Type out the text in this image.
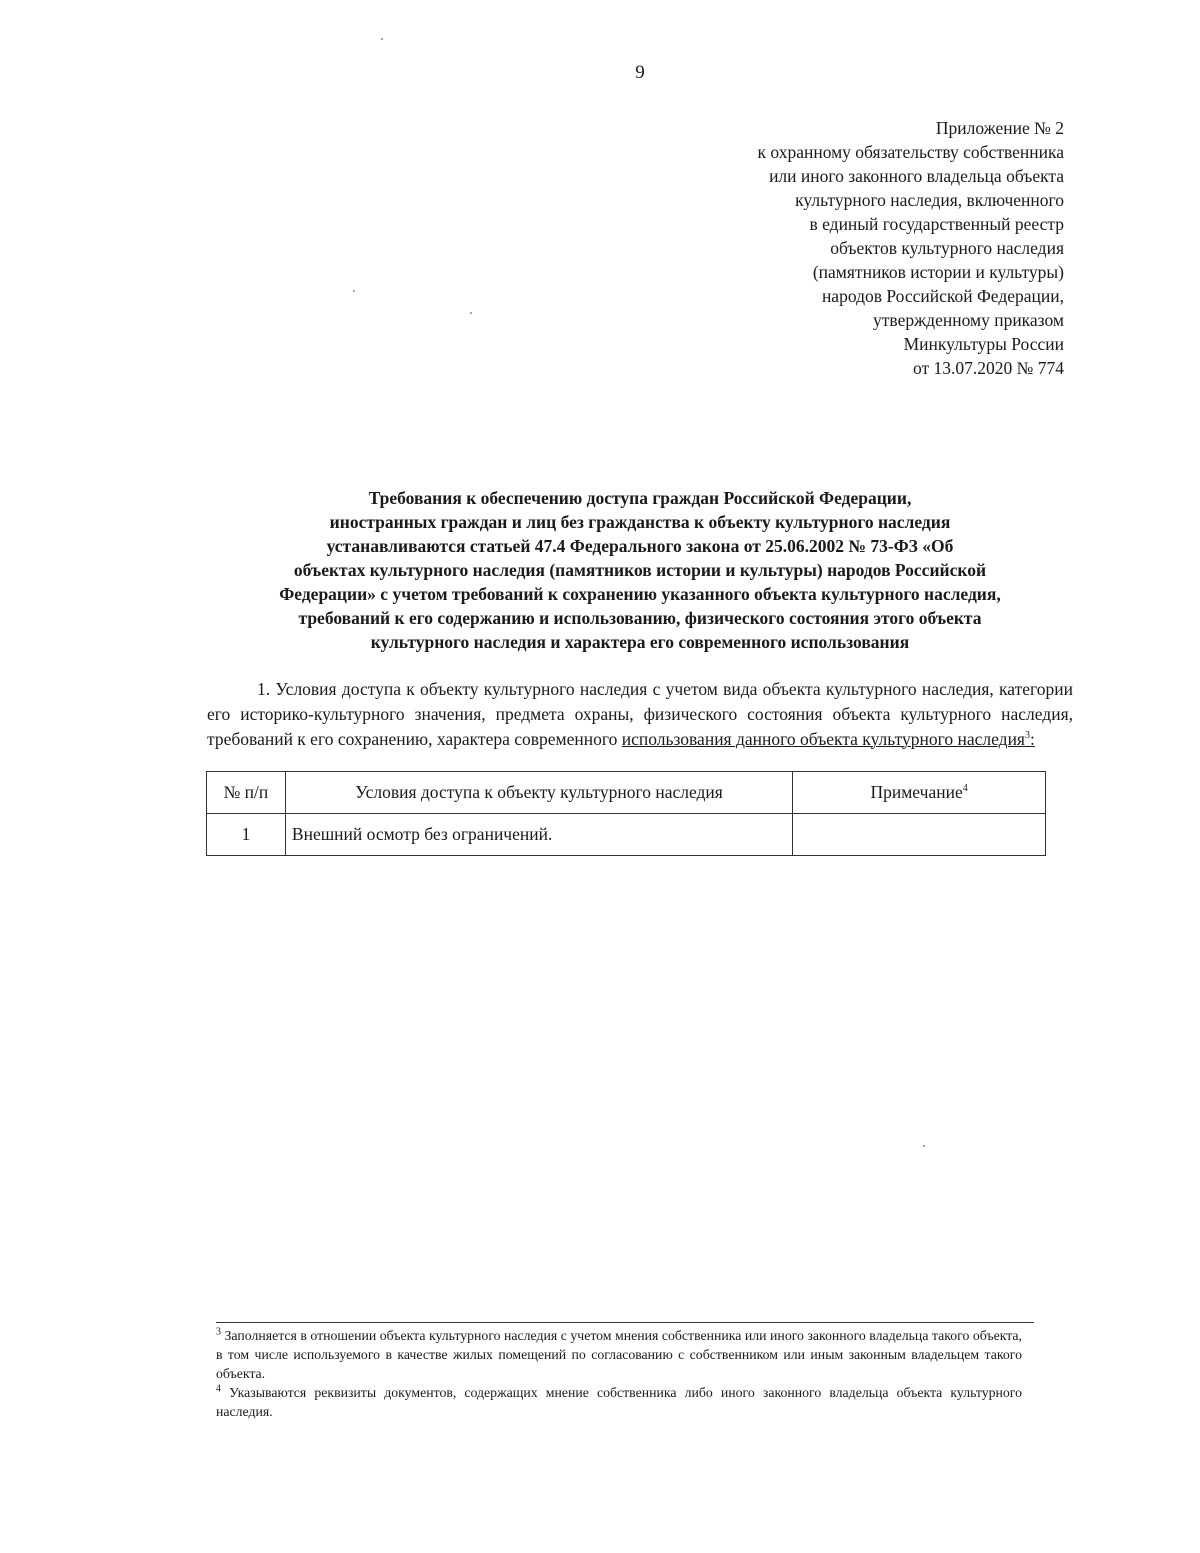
9
Приложение № 2
к охранному обязательству собственника
или иного законного владельца объекта
культурного наследия, включенного
в единый государственный реестр
объектов культурного наследия
(памятников истории и культуры)
народов Российской Федерации,
утвержденному приказом
Минкультуры России
от 13.07.2020 № 774
Требования к обеспечению доступа граждан Российской Федерации,
иностранных граждан и лиц без гражданства к объекту культурного наследия
устанавливаются статьей 47.4 Федерального закона от 25.06.2002 № 73-ФЗ «Об
объектах культурного наследия (памятников истории и культуры) народов Российской
Федерации» с учетом требований к сохранению указанного объекта культурного наследия,
требований к его содержанию и использованию, физического состояния этого объекта
культурного наследия и характера его современного использования
1. Условия доступа к объекту культурного наследия с учетом вида объекта культурного наследия, категории его историко-культурного значения, предмета охраны, физического состояния объекта культурного наследия, требований к его сохранению, характера современного использования данного объекта культурного наследия$^3$:
№ п/п	Условия доступа к объекту культурного наследия	Примечание$^4$
1	Внешний осмотр без ограничений.	

$^3$ Заполняется в отношении объекта культурного наследия с учетом мнения собственника или иного законного владельца такого объекта, в том числе используемого в качестве жилых помещений по согласованию с собственником или иным законным владельцем такого объекта.

$^4$ Указываются реквизиты документов, содержащих мнение собственника либо иного законного владельца объекта культурного наследия.
